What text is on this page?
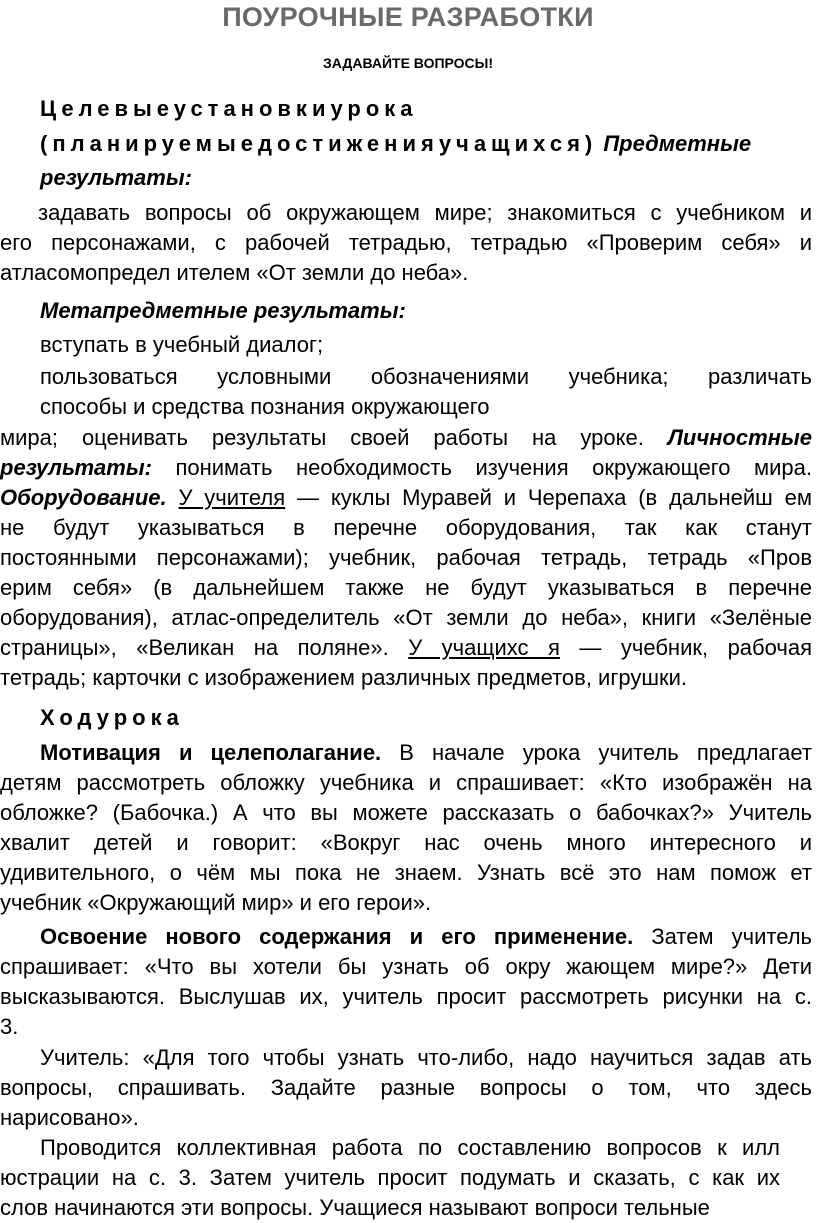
ПОУРОЧНЫЕ РАЗРАБОТКИ
ЗАДАВАЙТЕ ВОПРОСЫ!
Целевыеустановкиурока
(планируемыедостиженияучащихся) Предметные
результаты:
задавать вопросы об окружающем мире; знакомиться с учебником и
его персонажами, с рабочей тетрадью, тетрадью «Проверим себя» и
атласомопредел ителем «От земли до неба».
Метапредметные результаты:
вступать в учебный диалог;
пользоваться условными обозначениями учебника; различать
способы и средства познания окружающего
мира; оценивать результаты своей работы на уроке. Личностные
результаты: понимать необходимость изучения окружающего мира.
Оборудование. У учителя — куклы Муравей и Черепаха (в дальнейш ем
не будут указываться в перечне оборудования, так как станут
постоянными персонажами); учебник, рабочая тетрадь, тетрадь «Пров
ерим себя» (в дальнейшем также не будут указываться в перечне
оборудования), атлас-определитель «От земли до неба», книги «Зелёные
страницы», «Великан на поляне». У учащихс я — учебник, рабочая
тетрадь; карточки с изображением различных предметов, игрушки.
Ходурока
Мотивация и целеполагание. В начале урока учитель предлагает
детям рассмотреть обложку учебника и спрашивает: «Кто изображён на
обложке? (Бабочка.) А что вы можете рассказать о бабочках?» Учитель
хвалит детей и говорит: «Вокруг нас очень много интересного и
удивительного, о чём мы пока не знаем. Узнать всё это нам помож ет
учебник «Окружающий мир» и его герои».
Освоение нового содержания и его применение. Затем учитель
спрашивает: «Что вы хотели бы узнать об окру жающем мире?» Дети
высказываются. Выслушав их, учитель просит рассмотреть рисунки на с.
3.
Учитель: «Для того чтобы узнать что-либо, надо научиться задав ать
вопросы, спрашивать. Задайте разные вопросы о том, что здесь
нарисовано».
Проводится коллективная работа по составлению вопросов к илл
юстрации на с. 3. Затем учитель просит подумать и сказать, с как их
слов начинаются эти вопросы. Учащиеся называют вопроси тельные
